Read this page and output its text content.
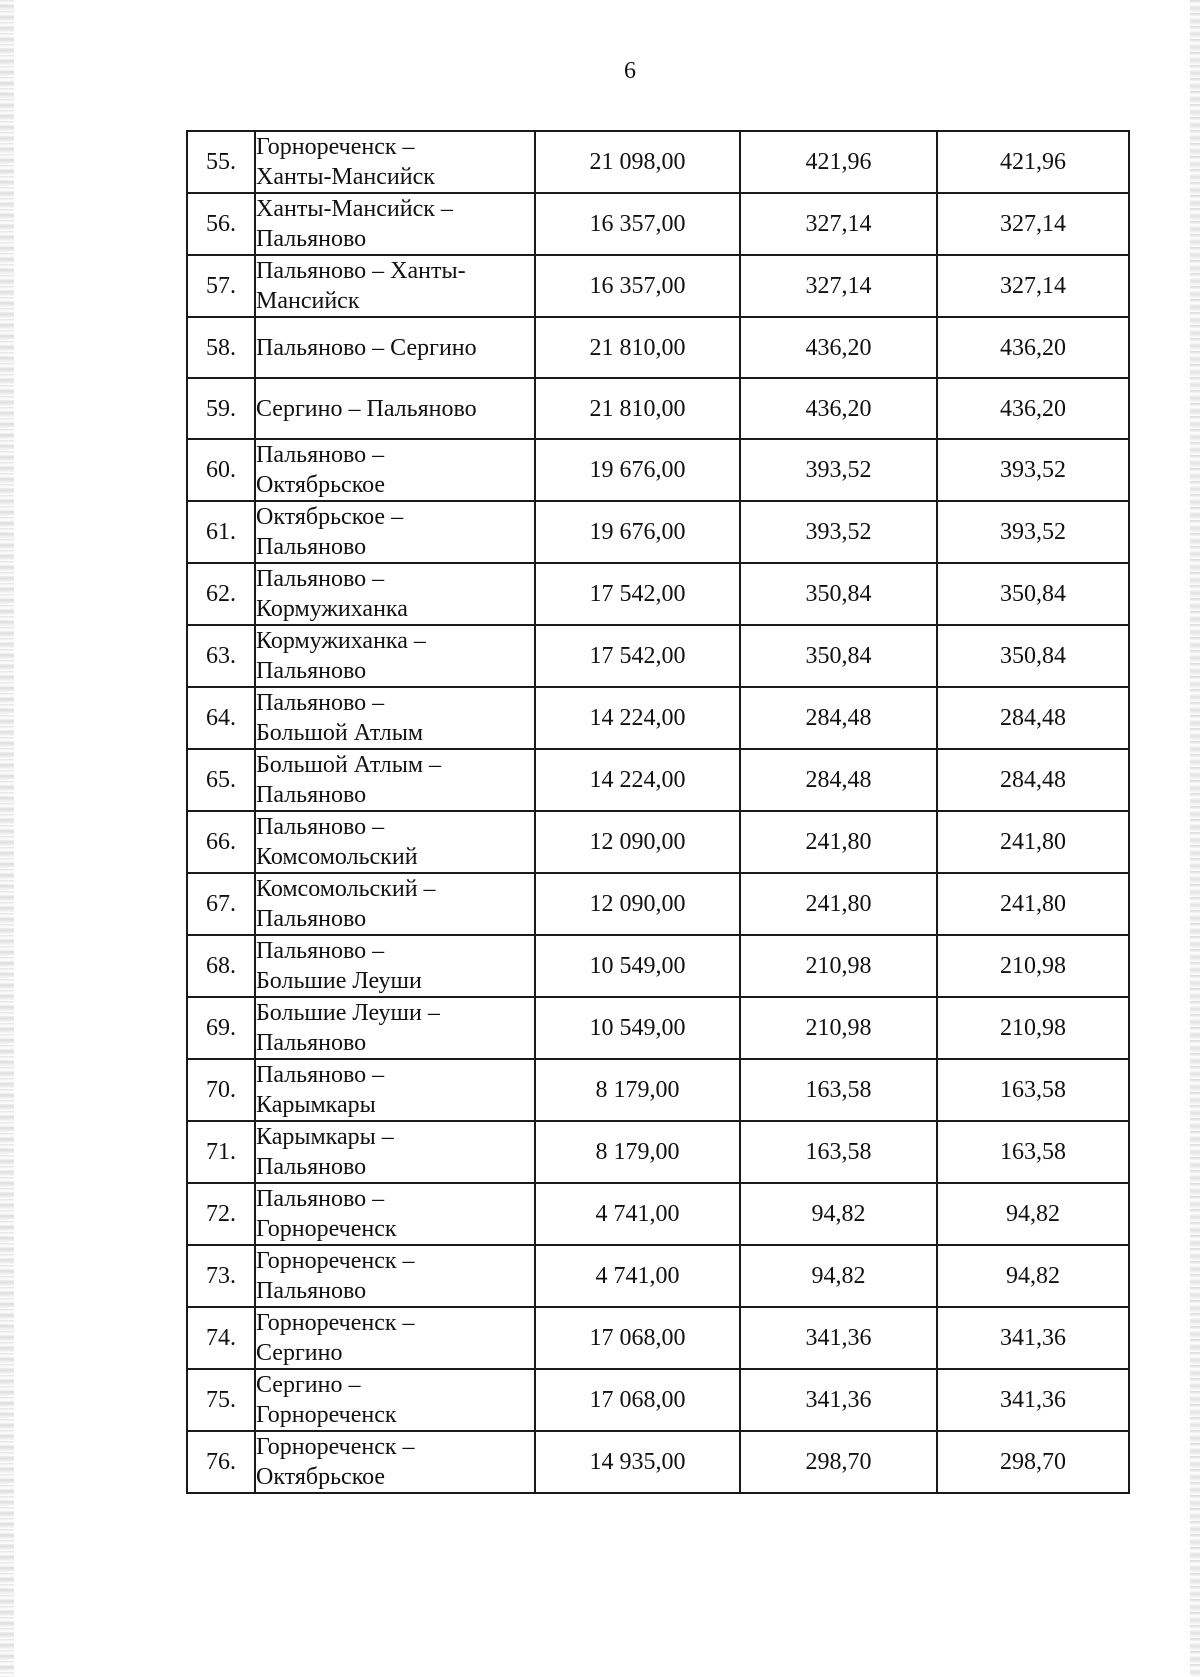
6
55.	Горнореченск –
Ханты-Мансийск	21 098,00	421,96	421,96
56.	Ханты-Мансийск –
Пальяново	16 357,00	327,14	327,14
57.	Пальяново – Ханты-
Мансийск	16 357,00	327,14	327,14
58.	Пальяново – Сергино	21 810,00	436,20	436,20
59.	Сергино – Пальяново	21 810,00	436,20	436,20
60.	Пальяново –
Октябрьское	19 676,00	393,52	393,52
61.	Октябрьское –
Пальяново	19 676,00	393,52	393,52
62.	Пальяново –
Кормужиханка	17 542,00	350,84	350,84
63.	Кормужиханка –
Пальяново	17 542,00	350,84	350,84
64.	Пальяново –
Большой Атлым	14 224,00	284,48	284,48
65.	Большой Атлым –
Пальяново	14 224,00	284,48	284,48
66.	Пальяново –
Комсомольский	12 090,00	241,80	241,80
67.	Комсомольский –
Пальяново	12 090,00	241,80	241,80
68.	Пальяново –
Большие Леуши	10 549,00	210,98	210,98
69.	Большие Леуши –
Пальяново	10 549,00	210,98	210,98
70.	Пальяново –
Карымкары	8 179,00	163,58	163,58
71.	Карымкары –
Пальяново	8 179,00	163,58	163,58
72.	Пальяново –
Горнореченск	4 741,00	94,82	94,82
73.	Горнореченск –
Пальяново	4 741,00	94,82	94,82
74.	Горнореченск –
Сергино	17 068,00	341,36	341,36
75.	Сергино –
Горнореченск	17 068,00	341,36	341,36
76.	Горнореченск –
Октябрьское	14 935,00	298,70	298,70
